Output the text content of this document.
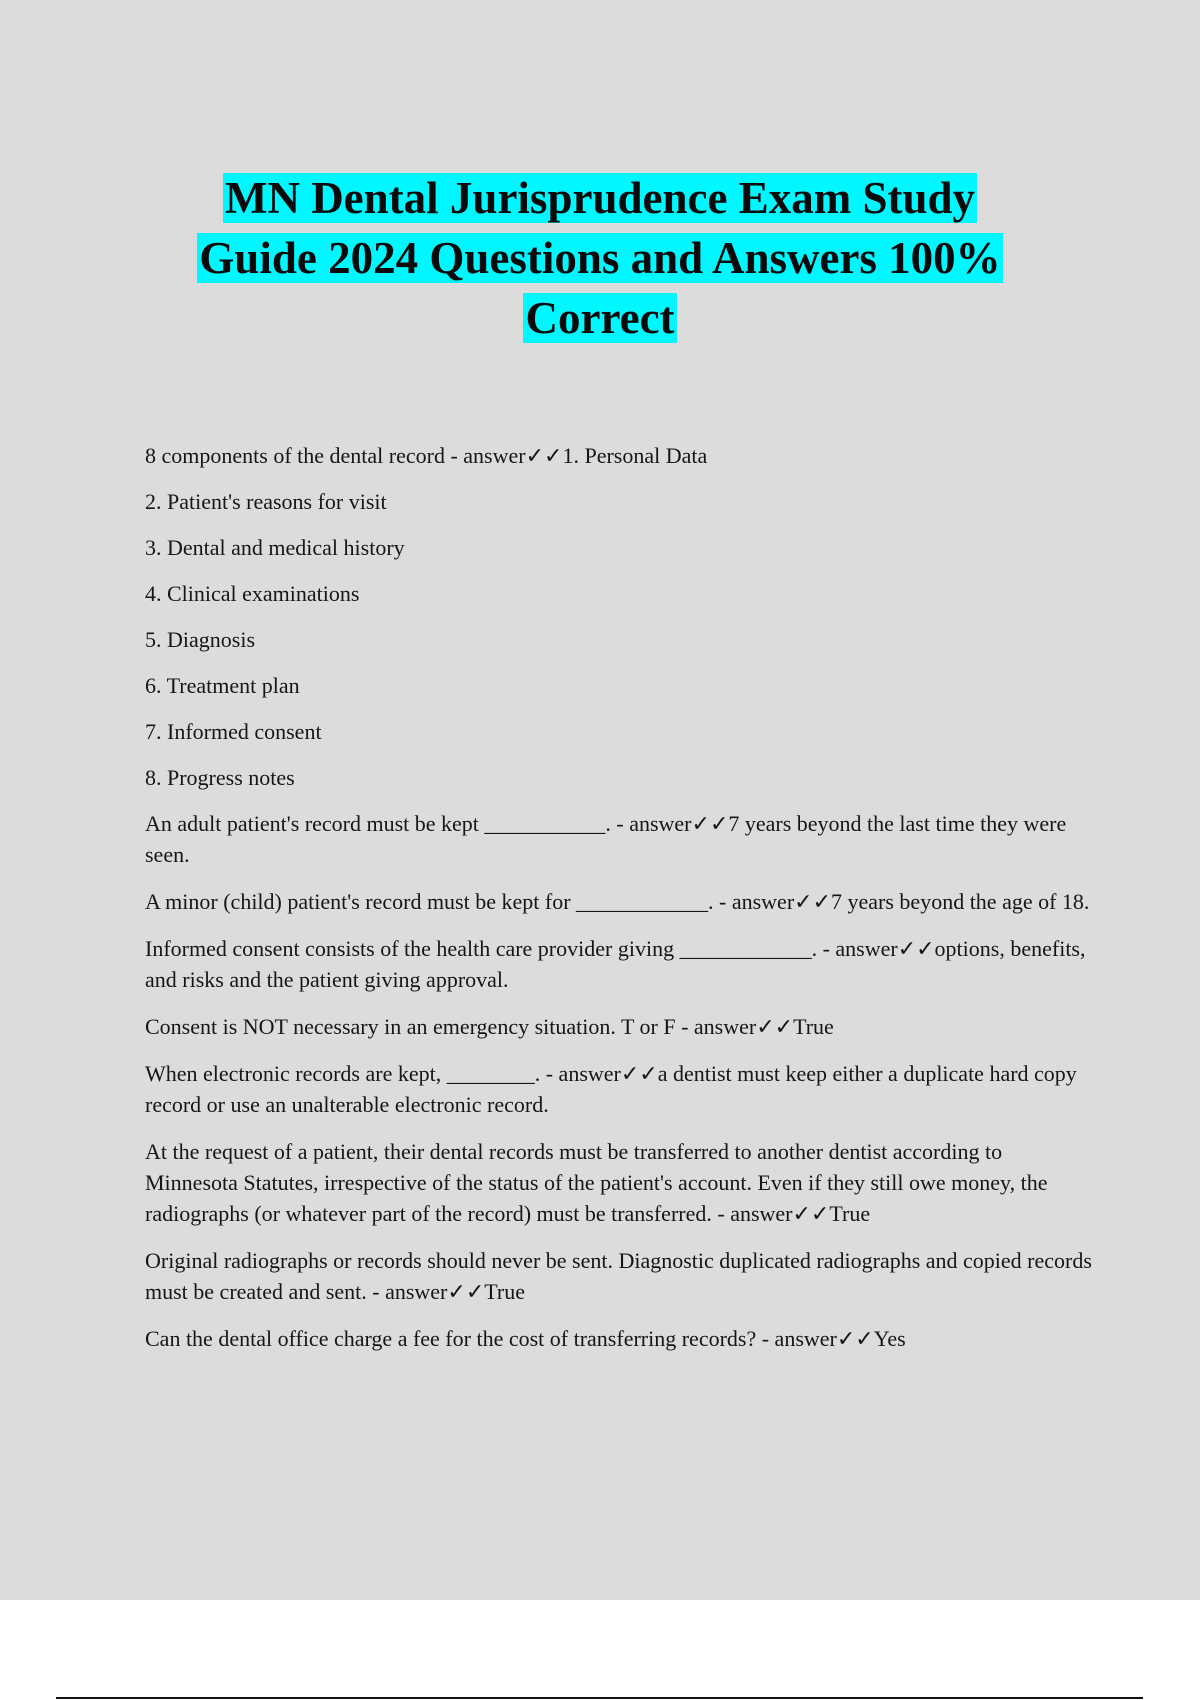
MN Dental Jurisprudence Exam Study
Guide 2024 Questions and Answers 100%
Correct

8 components of the dental record - answer✓✓1. Personal Data

2. Patient's reasons for visit

3. Dental and medical history

4. Clinical examinations

5. Diagnosis

6. Treatment plan

7. Informed consent

8. Progress notes

An adult patient's record must be kept ___________. - answer✓✓7 years beyond the last time they were seen.

A minor (child) patient's record must be kept for ____________. - answer✓✓7 years beyond the age of 18.

Informed consent consists of the health care provider giving ____________. - answer✓✓options, benefits, and risks and the patient giving approval.

Consent is NOT necessary in an emergency situation. T or F - answer✓✓True

When electronic records are kept, ________. - answer✓✓a dentist must keep either a duplicate hard copy record or use an unalterable electronic record.

At the request of a patient, their dental records must be transferred to another dentist according to Minnesota Statutes, irrespective of the status of the patient's account. Even if they still owe money, the radiographs (or whatever part of the record) must be transferred. - answer✓✓True

Original radiographs or records should never be sent. Diagnostic duplicated radiographs and copied records must be created and sent. - answer✓✓True

Can the dental office charge a fee for the cost of transferring records? - answer✓✓Yes
